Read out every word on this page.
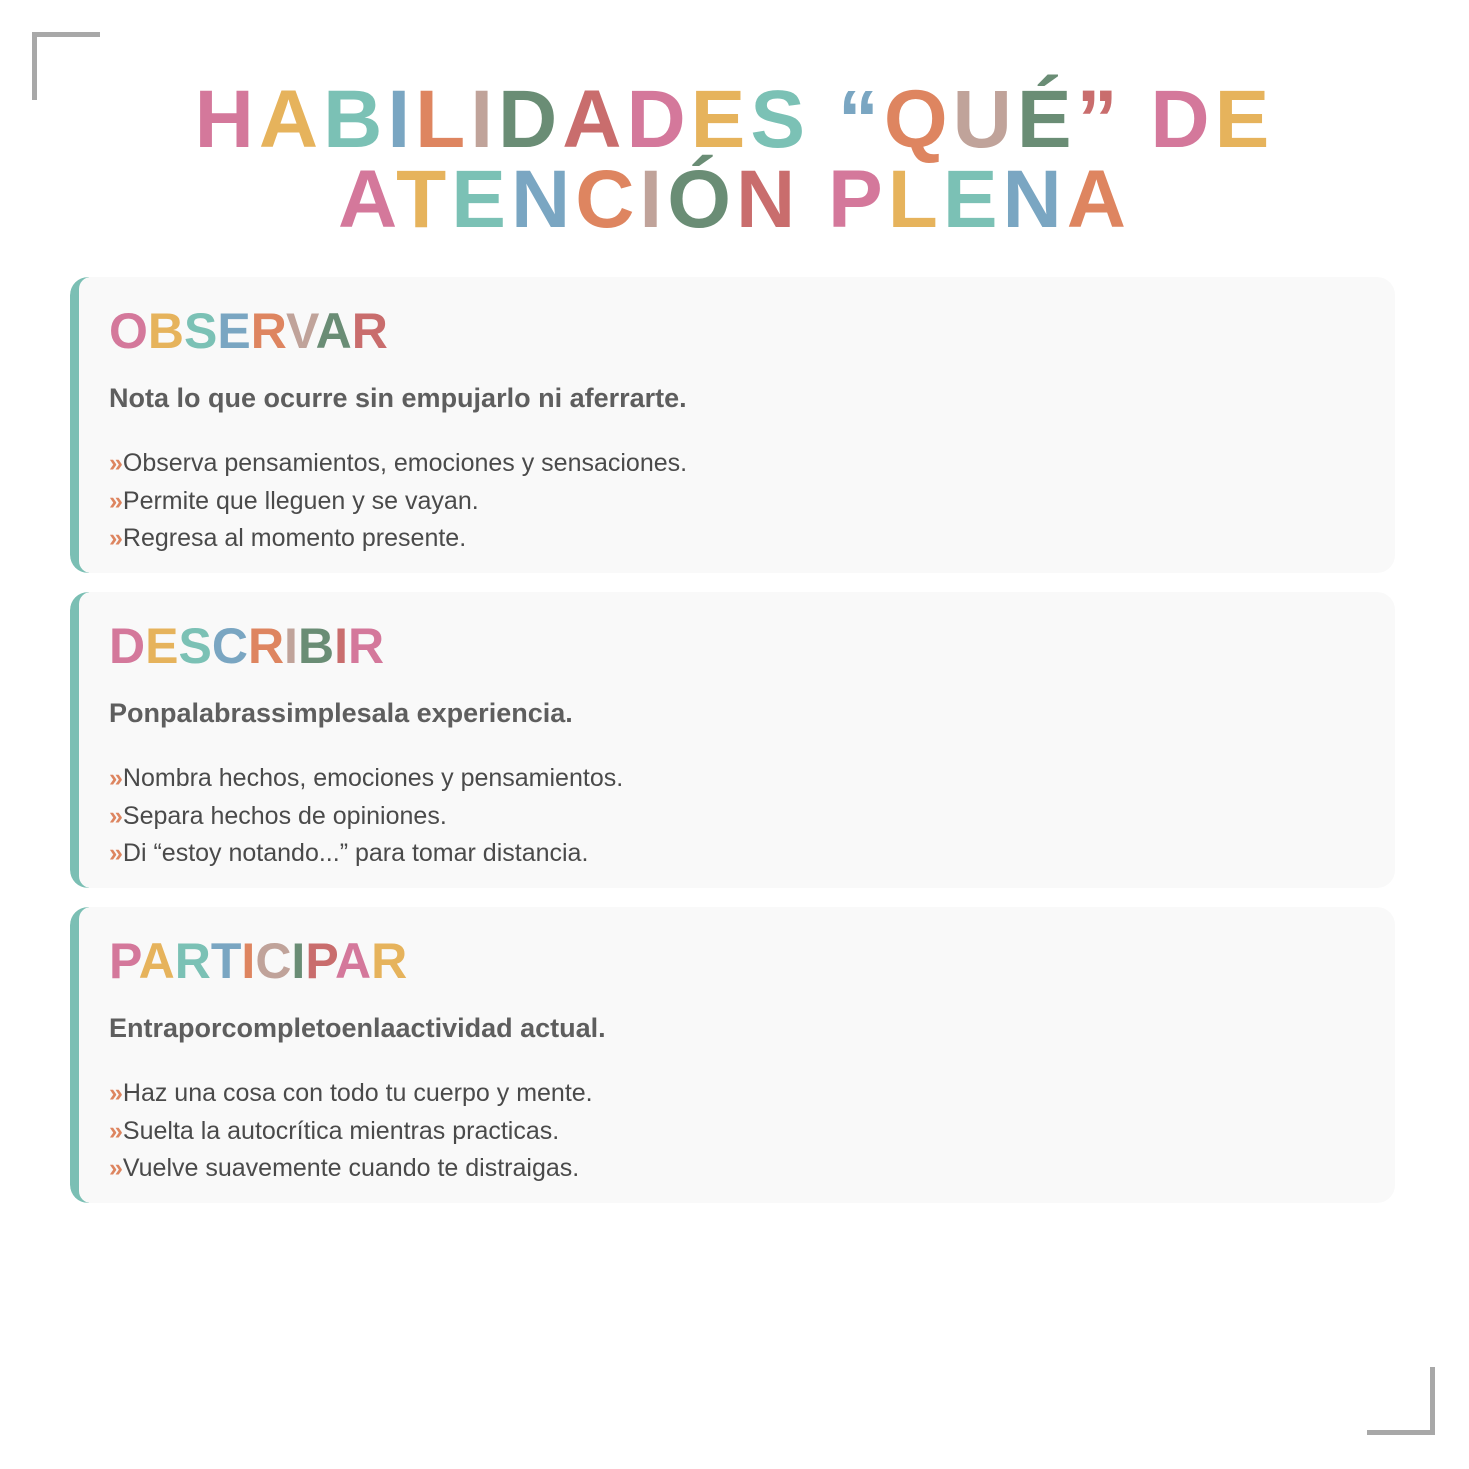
HABILIDADES “QUÉ” DE
ATENCIÓN PLENA
OBSERVAR

Nota lo que ocurre sin empujarlo ni aferrarte.

»Observa pensamientos, emociones y sensaciones.
»Permite que lleguen y se vayan.
»Regresa al momento presente.
DESCRIBIR

Ponpalabrassimplesala experiencia.

»Nombra hechos, emociones y pensamientos.
»Separa hechos de opiniones.
»Di “estoy notando...” para tomar distancia.
PARTICIPAR

Entraporcompletoenlaactividad actual.

»Haz una cosa con todo tu cuerpo y mente.
»Suelta la autocrítica mientras practicas.
»Vuelve suavemente cuando te distraigas.
